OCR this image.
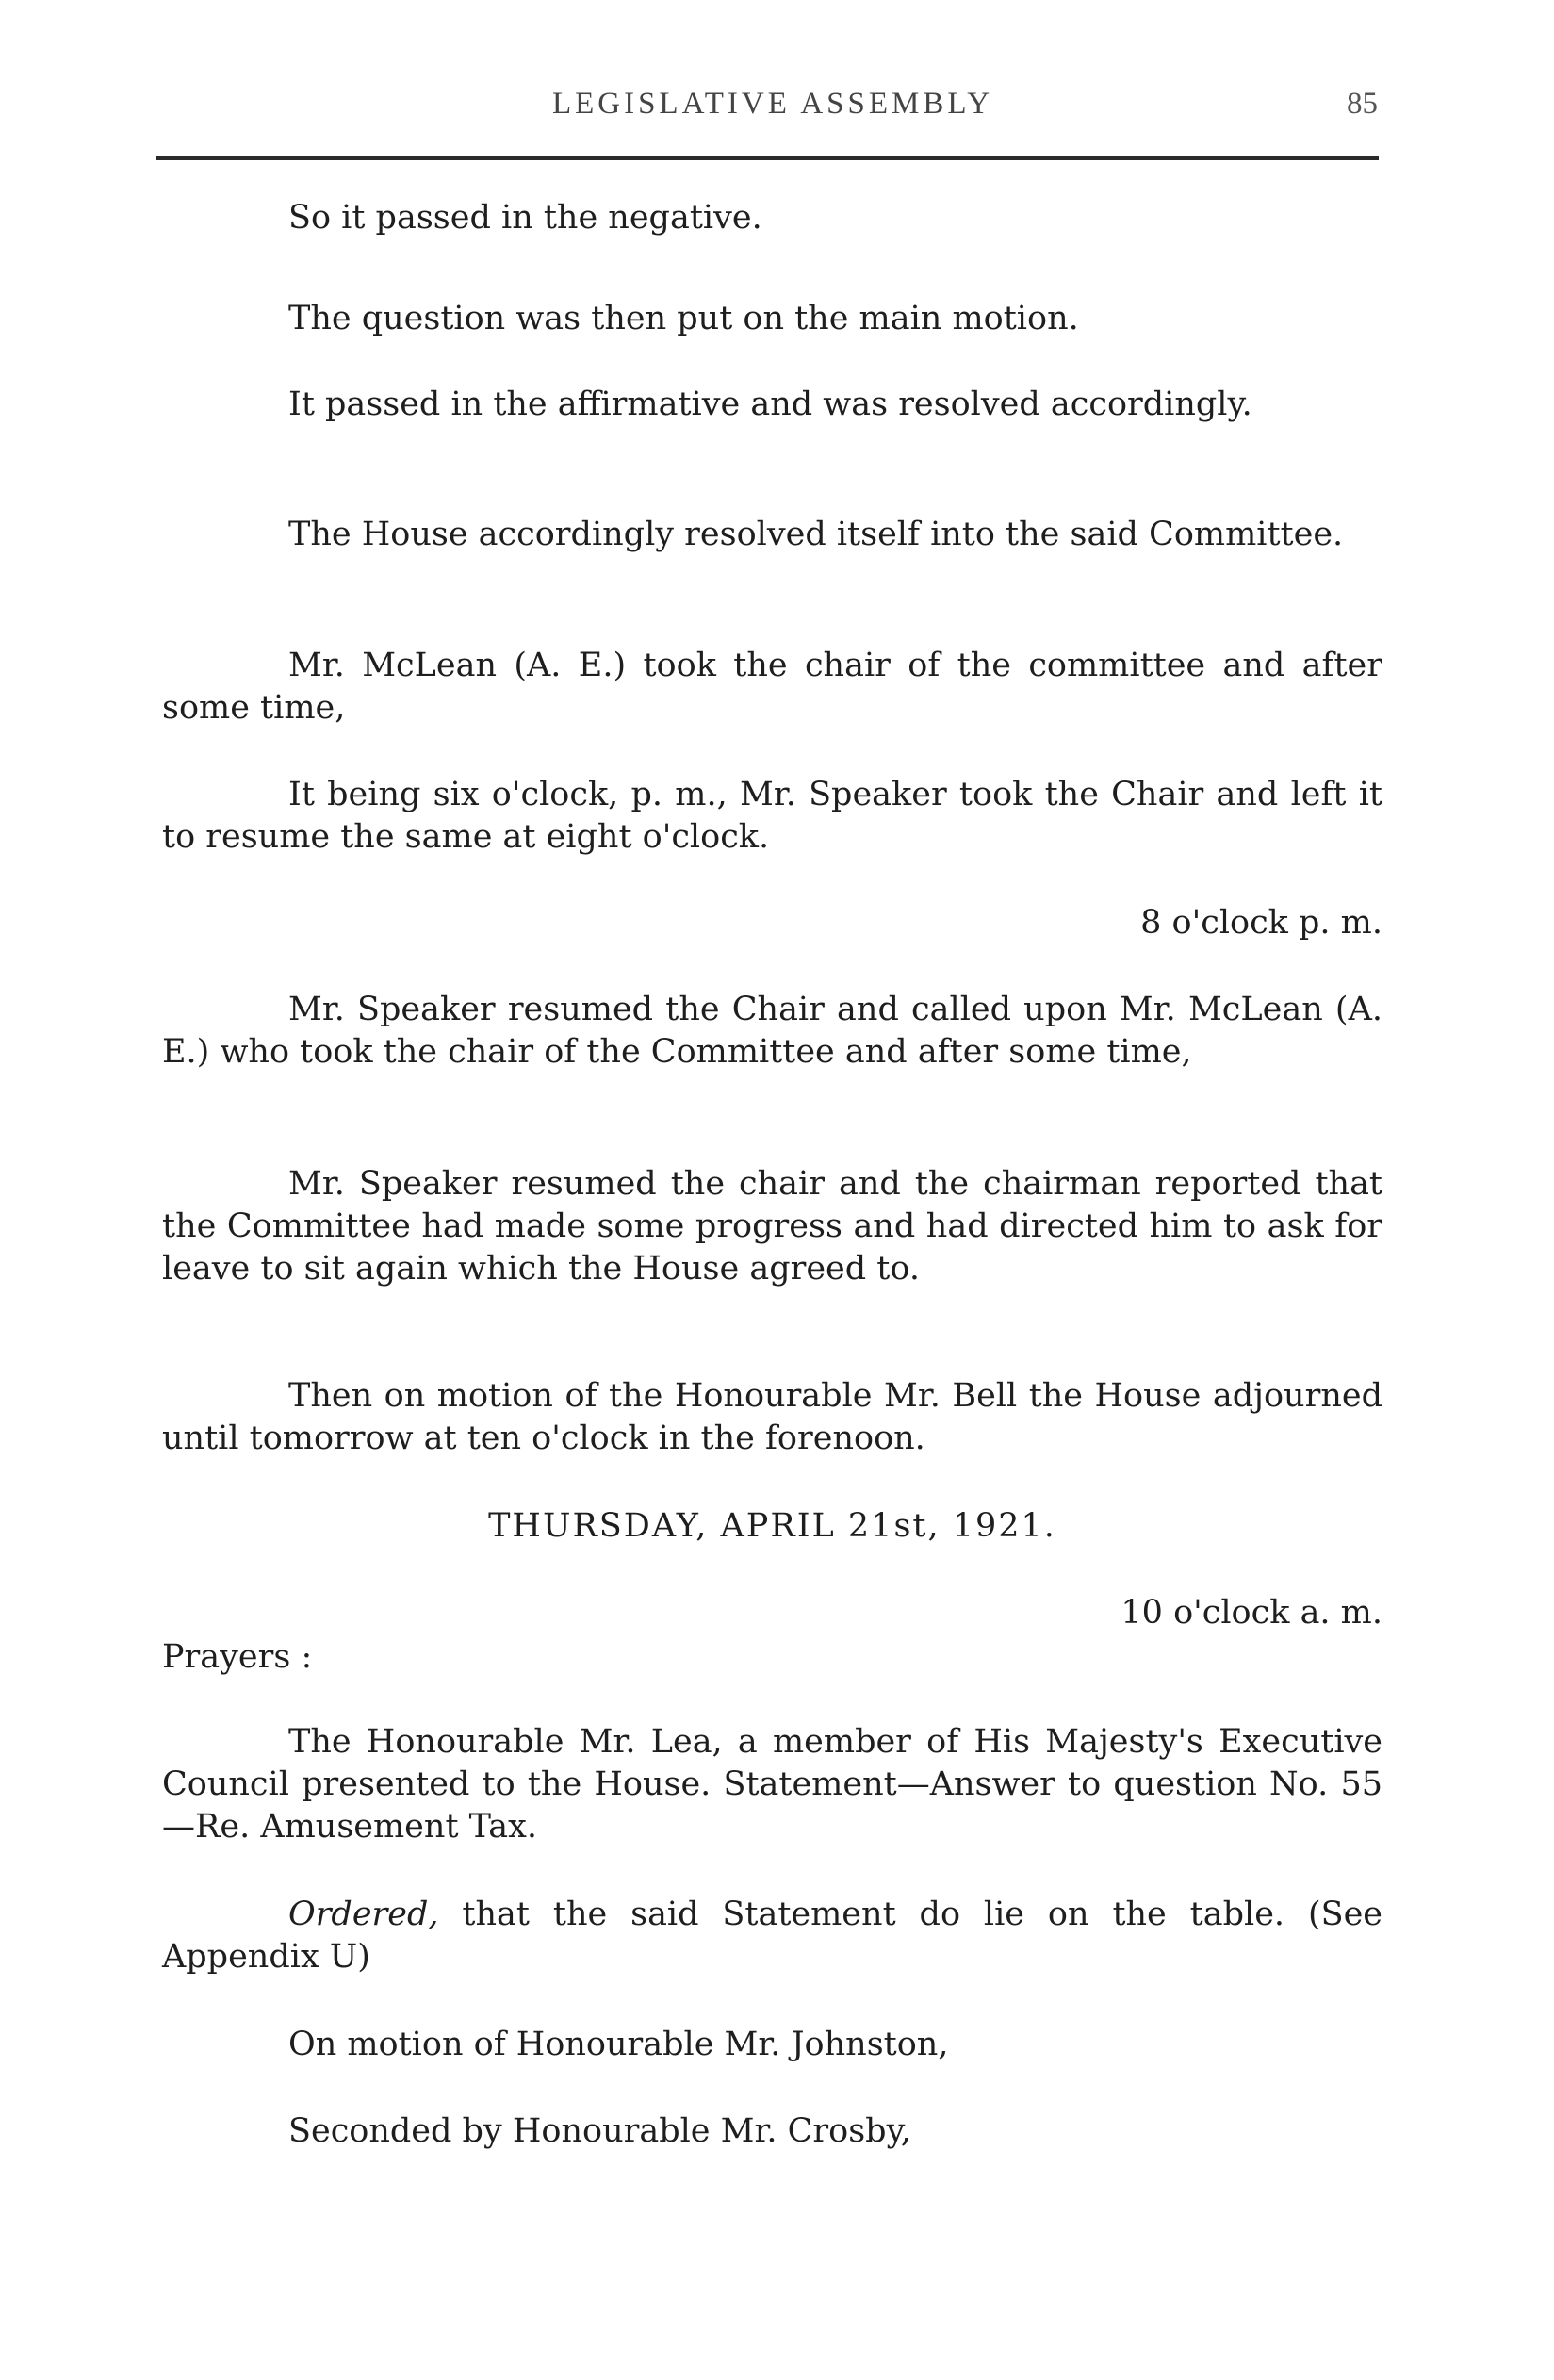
LEGISLATIVE ASSEMBLY	85

So it passed in the negative.

The question was then put on the main motion.

It passed in the affirmative and was resolved accordingly.

The House accordingly resolved itself into the said Committee.

Mr. McLean (A. E.) took the chair of the committee and after some time,

It being six o'clock, p. m., Mr. Speaker took the Chair and left it to resume the same at eight o'clock.

8 o'clock p. m.

Mr. Speaker resumed the Chair and called upon Mr. McLean (A. E.) who took the chair of the Committee and after some time,

Mr. Speaker resumed the chair and the chairman reported that the Committee had made some progress and had directed him to ask for leave to sit again which the House agreed to.

Then on motion of the Honourable Mr. Bell the House adjourned until tomorrow at ten o'clock in the forenoon.

THURSDAY, APRIL 21st, 1921.

10 o'clock a. m.

Prayers :

The Honourable Mr. Lea, a member of His Majesty's Executive Council presented to the House. Statement—Answer to question No. 55—Re. Amusement Tax.

Ordered, that the said Statement do lie on the table. (See Appendix U)

On motion of Honourable Mr. Johnston,

Seconded by Honourable Mr. Crosby,
